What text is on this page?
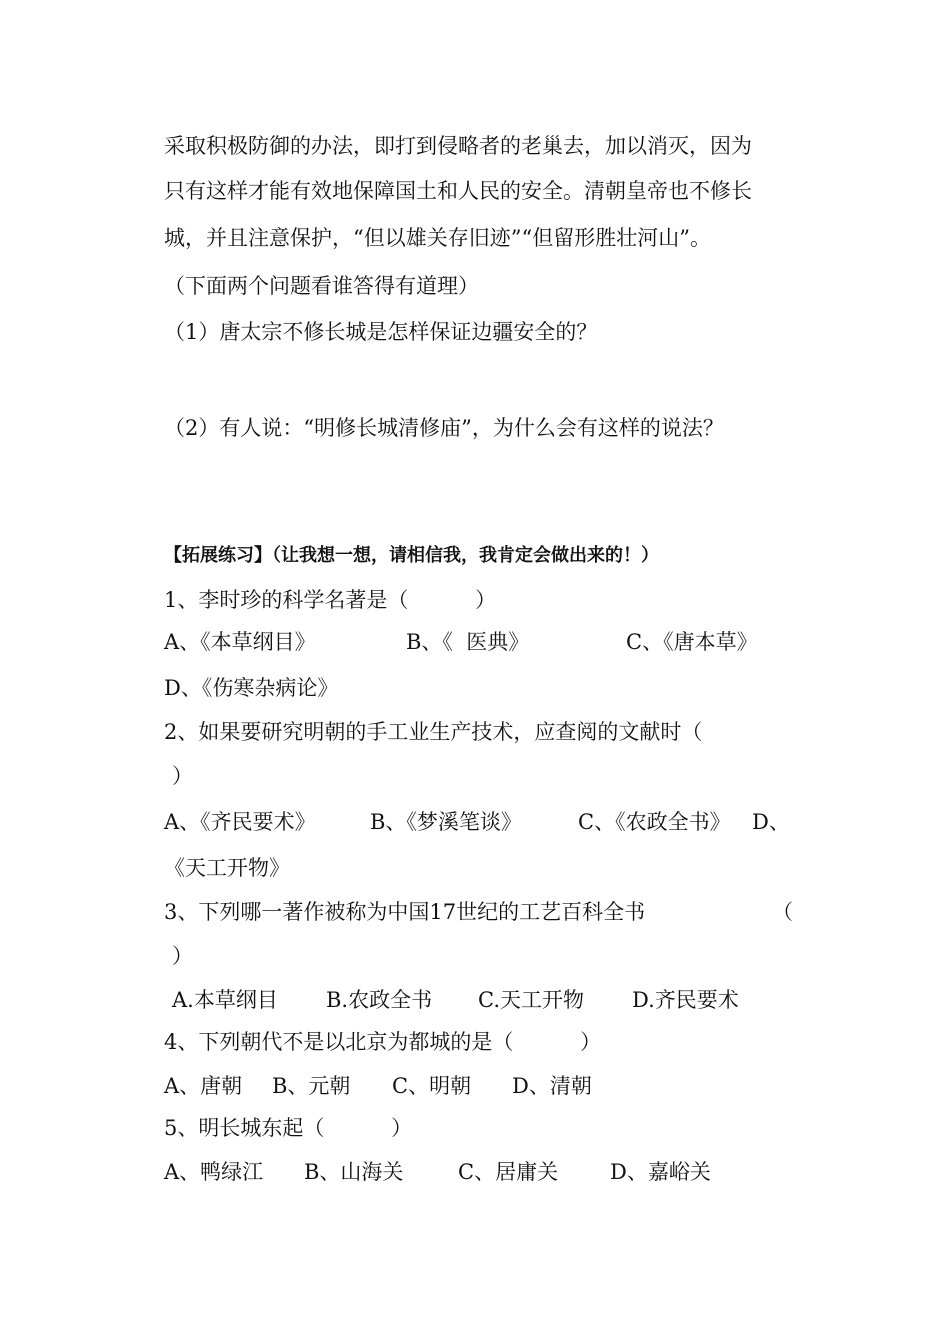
采取积极防御的办法，即打到侵略者的老巢去，加以消灭，因为
只有这样才能有效地保障国土和人民的安全。清朝皇帝也不修长
城，并且注意保护，“但以雄关存旧迹”“但留形胜壮河山”。
（下面两个问题看谁答得有道理）
（1）唐太宗不修长城是怎样保证边疆安全的？
（2）有人说：“明修长城清修庙”，为什么会有这样的说法？
【拓展练习】（让我想一想，请相信我，我肯定会做出来的！）
1、李时珍的科学名著是（          ）
A、《本草纲目》	B、《  医典》	C、《唐本草》
D、《伤寒杂病论》
2、如果要研究明朝的手工业生产技术，应查阅的文献时（
）
A、《齐民要术》	B、《梦溪笔谈》	C、《农政全书》 D、
《天工开物》
3、下列哪一著作被称为中国17世纪的工艺百科全书	（
）
A.本草纲目 B.农政全书 C.天工开物 D.齐民要术
4、下列朝代不是以北京为都城的是（          ）
A、唐朝 B、元朝 C、明朝 D、清朝
5、明长城东起（          ）
A、鸭绿江 B、山海关	C、居庸关 D、嘉峪关
